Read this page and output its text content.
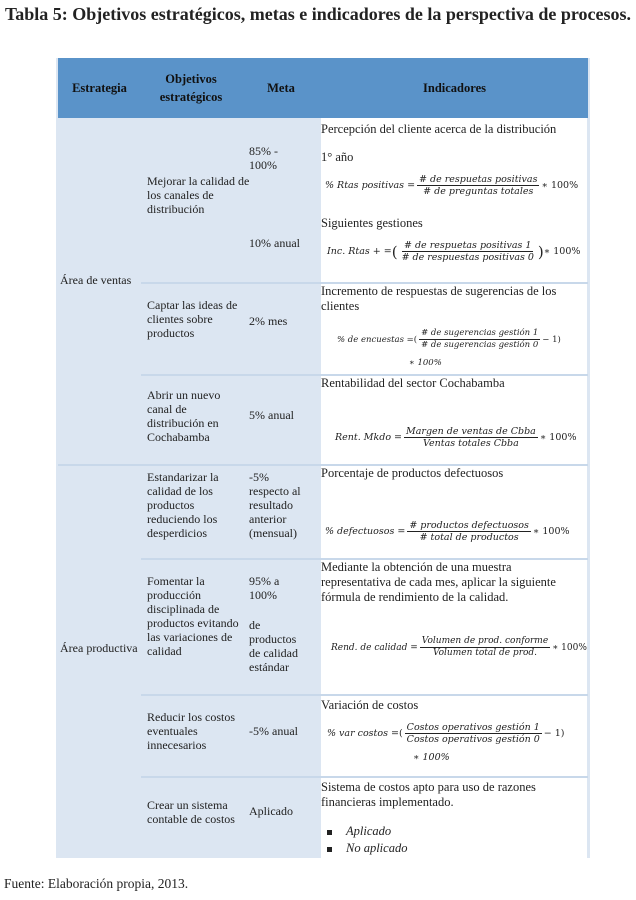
Tabla 5: Objetivos estratégicos, metas e indicadores de la perspectiva de procesos.
Estrategia
Objetivos
estratégicos
Meta	Indicadores
Área de ventas
Área productiva
Mejorar la calidad de los canales de distribución
85% - 100%
10% anual
Percepción del cliente acerca de la distribución
1° año
% Rtas positivas = $\frac{\text{\# de respuetas positivas}}{\text{\# de preguntas totales}}$ ∗ 100%
Siguientes gestiones
Inc. Rtas + = ( $\frac{\text{\# de respuetas positivas 1}}{\text{\# de respuestas positivas 0}}$ ) ∗ 100%
Captar las ideas de clientes sobre productos
2% mes
Incremento de respuestas de sugerencias de los clientes
% de encuestas = ( $\frac{\text{\# de sugerencias gestión 1}}{\text{\# de sugerencias gestión 0}} - 1$)
∗ 100%
Abrir un nuevo canal de distribución en Cochabamba
5% anual
Rentabilidad del sector Cochabamba
Rent. Mkdo = $\frac{\text{Margen de ventas de Cbba}}{\text{Ventas totales Cbba}}$ ∗ 100%
Estandarizar la calidad de los productos reduciendo los desperdicios
-5% respecto al resultado anterior (mensual)
Porcentaje de productos defectuosos
% defectuosos = $\frac{\text{\# productos defectuosos}}{\text{\# total de productos}}$ ∗ 100%
Fomentar la producción disciplinada de productos evitando las variaciones de calidad
95% a 100%
de productos de calidad estándar
Mediante la obtención de una muestra representativa de cada mes, aplicar la siguiente fórmula de rendimiento de la calidad.
Rend. de calidad = $\frac{\text{Volumen de prod. conforme}}{\text{Volumen total de prod.}}$ ∗ 100%
Reducir los costos eventuales innecesarios
-5% anual
Variación de costos
% var costos = ( $\frac{\text{Costos operativos gestión 1}}{\text{Costos operativos gestión 0}} - 1$)
∗ 100%
Crear un sistema contable de costos
Aplicado
Sistema de costos apto para uso de razones financieras implementado.
Aplicado
No aplicado
Fuente: Elaboración propia, 2013.
